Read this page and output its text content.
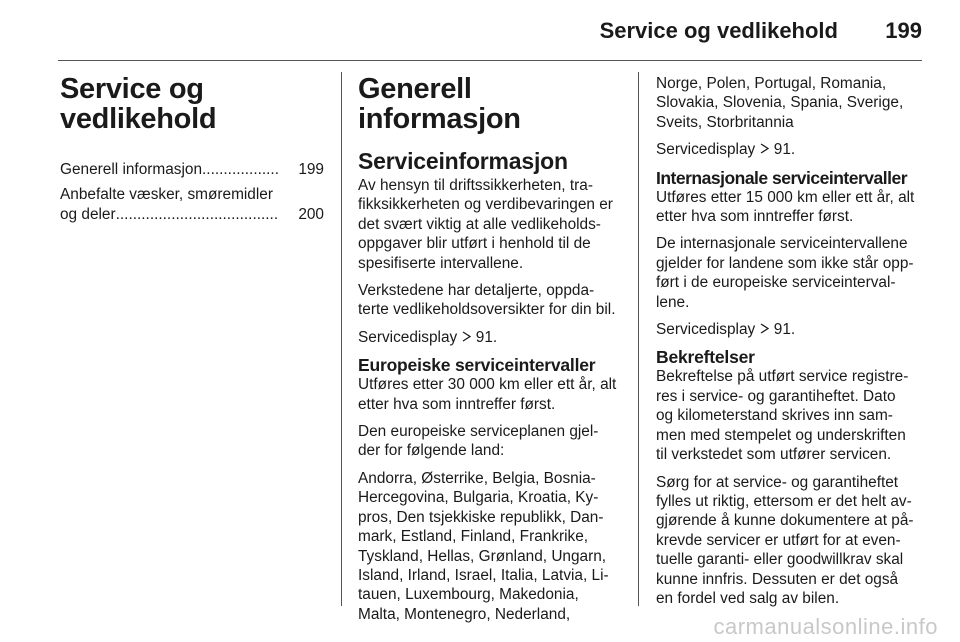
Service og vedlikehold 199
Service og
vedlikehold
Generell informasjon ..................	199
Anbefalte væsker, smøremidler
og deler ......................................	200
Generell informasjon
Serviceinformasjon

Av hensyn til driftssikkerheten, tra-
fikksikkerheten og verdibevaringen er
det svært viktig at alle vedlikeholds-
oppgaver blir utført i henhold til de
spesifiserte intervallene.

Verkstedene har detaljerte, oppda-
terte vedlikeholdsoversikter for din bil.

Servicedisplay 91.

Europeiske serviceintervaller

Utføres etter 30 000 km eller ett år, alt
etter hva som inntreffer først.

Den europeiske serviceplanen gjel-
der for følgende land:

Andorra, Østerrike, Belgia, Bosnia-
Hercegovina, Bulgaria, Kroatia, Ky-
pros, Den tsjekkiske republikk, Dan-
mark, Estland, Finland, Frankrike,
Tyskland, Hellas, Grønland, Ungarn,
Island, Irland, Israel, Italia, Latvia, Li-
tauen, Luxembourg, Makedonia,
Malta, Montenegro, Nederland,

Norge, Polen, Portugal, Romania,
Slovakia, Slovenia, Spania, Sverige,
Sveits, Storbritannia

Servicedisplay 91.

Internasjonale serviceintervaller

Utføres etter 15 000 km eller ett år, alt
etter hva som inntreffer først.

De internasjonale serviceintervallene
gjelder for landene som ikke står opp-
ført i de europeiske serviceinterval-
lene.

Servicedisplay 91.

Bekreftelser

Bekreftelse på utført service registre-
res i service- og garantiheftet. Dato
og kilometerstand skrives inn sam-
men med stempelet og underskriften
til verkstedet som utfører servicen.

Sørg for at service- og garantiheftet
fylles ut riktig, ettersom er det helt av-
gjørende å kunne dokumentere at på-
krevde servicer er utført for at even-
tuelle garanti- eller goodwillkrav skal
kunne innfris. Dessuten er det også
en fordel ved salg av bilen.

carmanualsonline.info
